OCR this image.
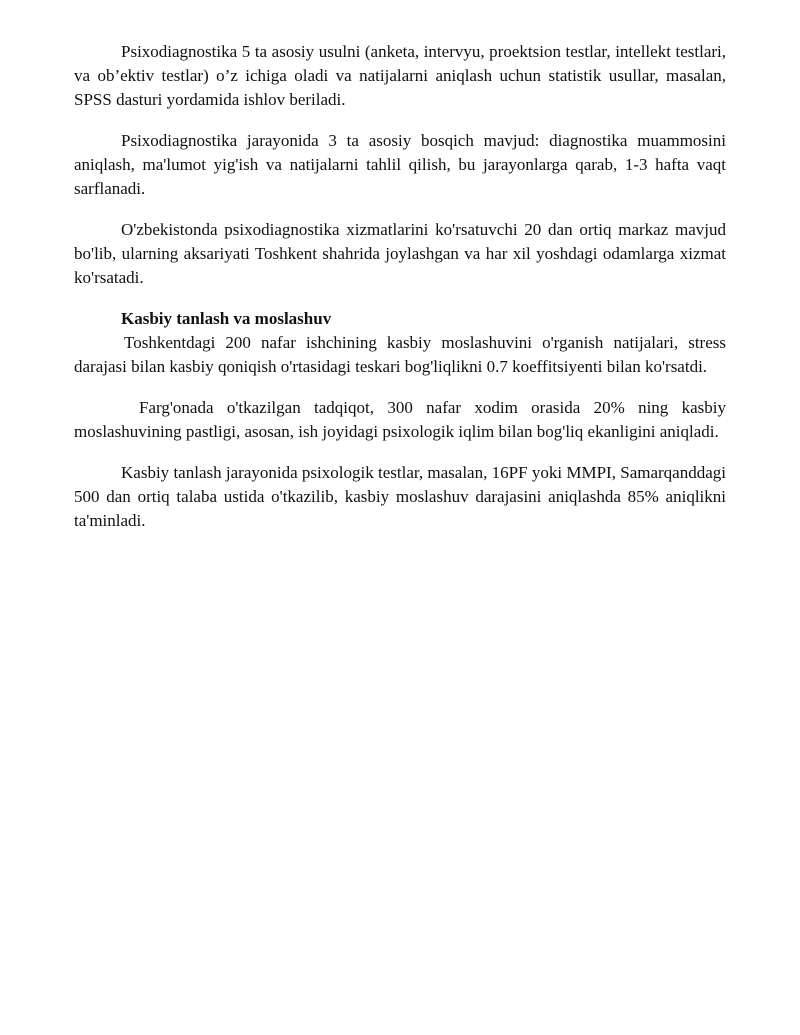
Psixodiagnostika 5 ta asosiy usulni (anketa, intervyu, proektsion testlar, intellekt testlari, va ob’ektiv testlar) o’z ichiga oladi va natijalarni aniqlash uchun statistik usullar, masalan, SPSS dasturi yordamida ishlov beriladi.

Psixodiagnostika jarayonida 3 ta asosiy bosqich mavjud: diagnostika muammosini aniqlash, ma'lumot yig'ish va natijalarni tahlil qilish, bu jarayonlarga qarab, 1-3 hafta vaqt sarflanadi.

O'zbekistonda psixodiagnostika xizmatlarini ko'rsatuvchi 20 dan ortiq markaz mavjud bo'lib, ularning aksariyati Toshkent shahrida joylashgan va har xil yoshdagi odamlarga xizmat ko'rsatadi.

Kasbiy tanlash va moslashuv

Toshkentdagi 200 nafar ishchining kasbiy moslashuvini o'rganish natijalari, stress darajasi bilan kasbiy qoniqish o'rtasidagi teskari bog'liqlikni 0.7 koeffitsiyenti bilan ko'rsatdi.

Farg'onada o'tkazilgan tadqiqot, 300 nafar xodim orasida 20% ning kasbiy moslashuvining pastligi, asosan, ish joyidagi psixologik iqlim bilan bog'liq ekanligini aniqladi.

Kasbiy tanlash jarayonida psixologik testlar, masalan, 16PF yoki MMPI, Samarqanddagi 500 dan ortiq talaba ustida o'tkazilib, kasbiy moslashuv darajasini aniqlashda 85% aniqlikni ta'minladi.
